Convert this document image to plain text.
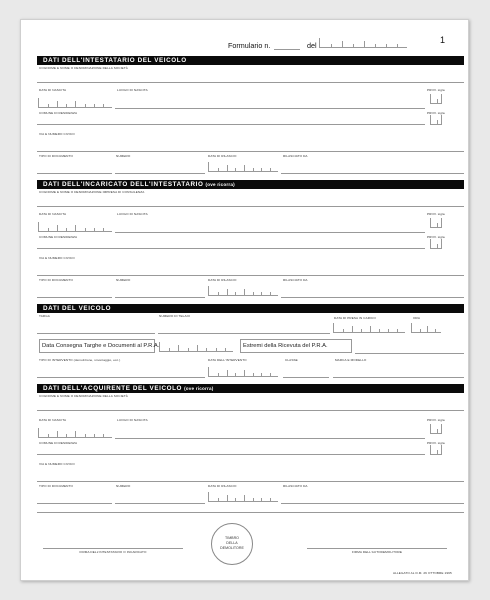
1
Formulario n.	del
DATI DELL'INTESTATARIO DEL VEICOLO
COGNOME E NOME O DENOMINAZIONE DELLA SOCIETÀ
DATA DI NASCITA	LUOGO DI NASCITA	PROV. sigla
COMUNE DI RESIDENZA	PROV. sigla
VIA E NUMERO CIVICO
TIPO DI DOCUMENTO	NUMERO	DATA DI RILASCIO	RILASCIATO DA
DATI DELL'INCARICATO DELL'INTESTATARIO (ove ricorra)
COGNOME E NOME O DENOMINAZIONE IMPRESA DI CONSULENZA
DATA DI NASCITA	LUOGO DI NASCITA	PROV. sigla
COMUNE DI RESIDENZA	PROV. sigla
VIA E NUMERO CIVICO
TIPO DI DOCUMENTO	NUMERO	DATA DI RILASCIO	RILASCIATO DA
DATI DEL VEICOLO
TARGA	NUMERO DI TELAIO	DATA DI PRESA IN CARICO	ORA
Data Consegna Targhe e Documenti al P.R.A.	Estremi della Ricevuta del P.R.A.
TIPO DI INTERVENTO (demolizione, smontaggio, ecc.)	DATA DELL'INTERVENTO	CLASSE	MARCA E MODELLO
DATI DELL'ACQUIRENTE DEL VEICOLO (ove ricorra)
COGNOME E NOME O DENOMINAZIONE DELLA SOCIETÀ
DATA DI NASCITA	LUOGO DI NASCITA	PROV. sigla
COMUNE DI RESIDENZA	PROV. sigla
VIA E NUMERO CIVICO
TIPO DI DOCUMENTO	NUMERO	DATA DI RILASCIO	RILASCIATO DA
TIMBRO
DELLA
DEMOLITORE
FIRMA DELL'INTESTATARIO O INCARICATO	FIRMA DELL'AUTODEMOLITORE
ALLEGATO AL D.M. 26 OTTOBRE 1995
